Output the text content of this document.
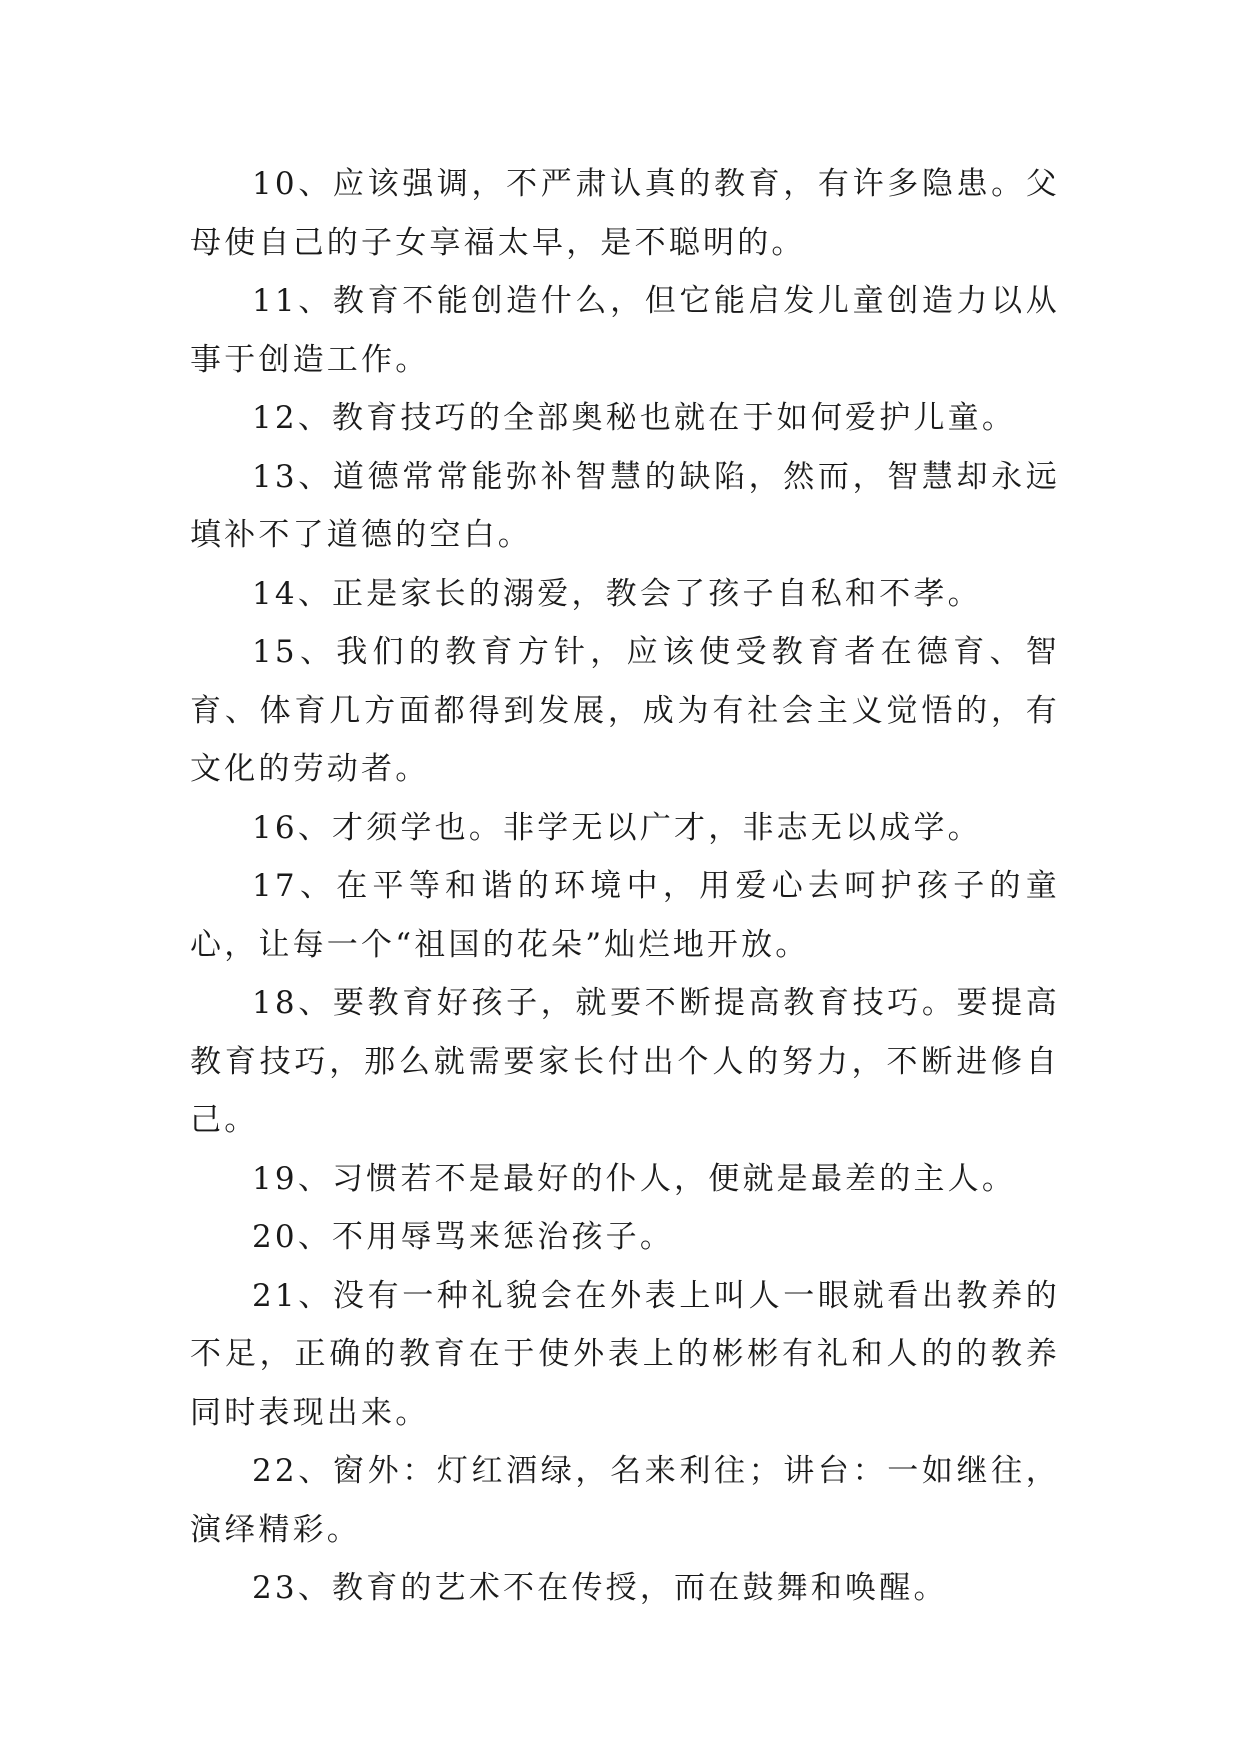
10、应该强调，不严肃认真的教育，有许多隐患。父母使自己的子女享福太早，是不聪明的。

11、教育不能创造什么，但它能启发儿童创造力以从事于创造工作。

12、教育技巧的全部奥秘也就在于如何爱护儿童。

13、道德常常能弥补智慧的缺陷，然而，智慧却永远填补不了道德的空白。

14、正是家长的溺爱，教会了孩子自私和不孝。

15、我们的教育方针，应该使受教育者在德育、智育、体育几方面都得到发展，成为有社会主义觉悟的，有文化的劳动者。

16、才须学也。非学无以广才，非志无以成学。

17、在平等和谐的环境中，用爱心去呵护孩子的童心，让每一个“祖国的花朵”灿烂地开放。

18、要教育好孩子，就要不断提高教育技巧。要提高教育技巧，那么就需要家长付出个人的努力，不断进修自己。

19、习惯若不是最好的仆人，便就是最差的主人。

20、不用辱骂来惩治孩子。

21、没有一种礼貌会在外表上叫人一眼就看出教养的不足，正确的教育在于使外表上的彬彬有礼和人的的教养同时表现出来。

22、窗外：灯红酒绿，名来利往；讲台：一如继往，演绎精彩。

23、教育的艺术不在传授，而在鼓舞和唤醒。
